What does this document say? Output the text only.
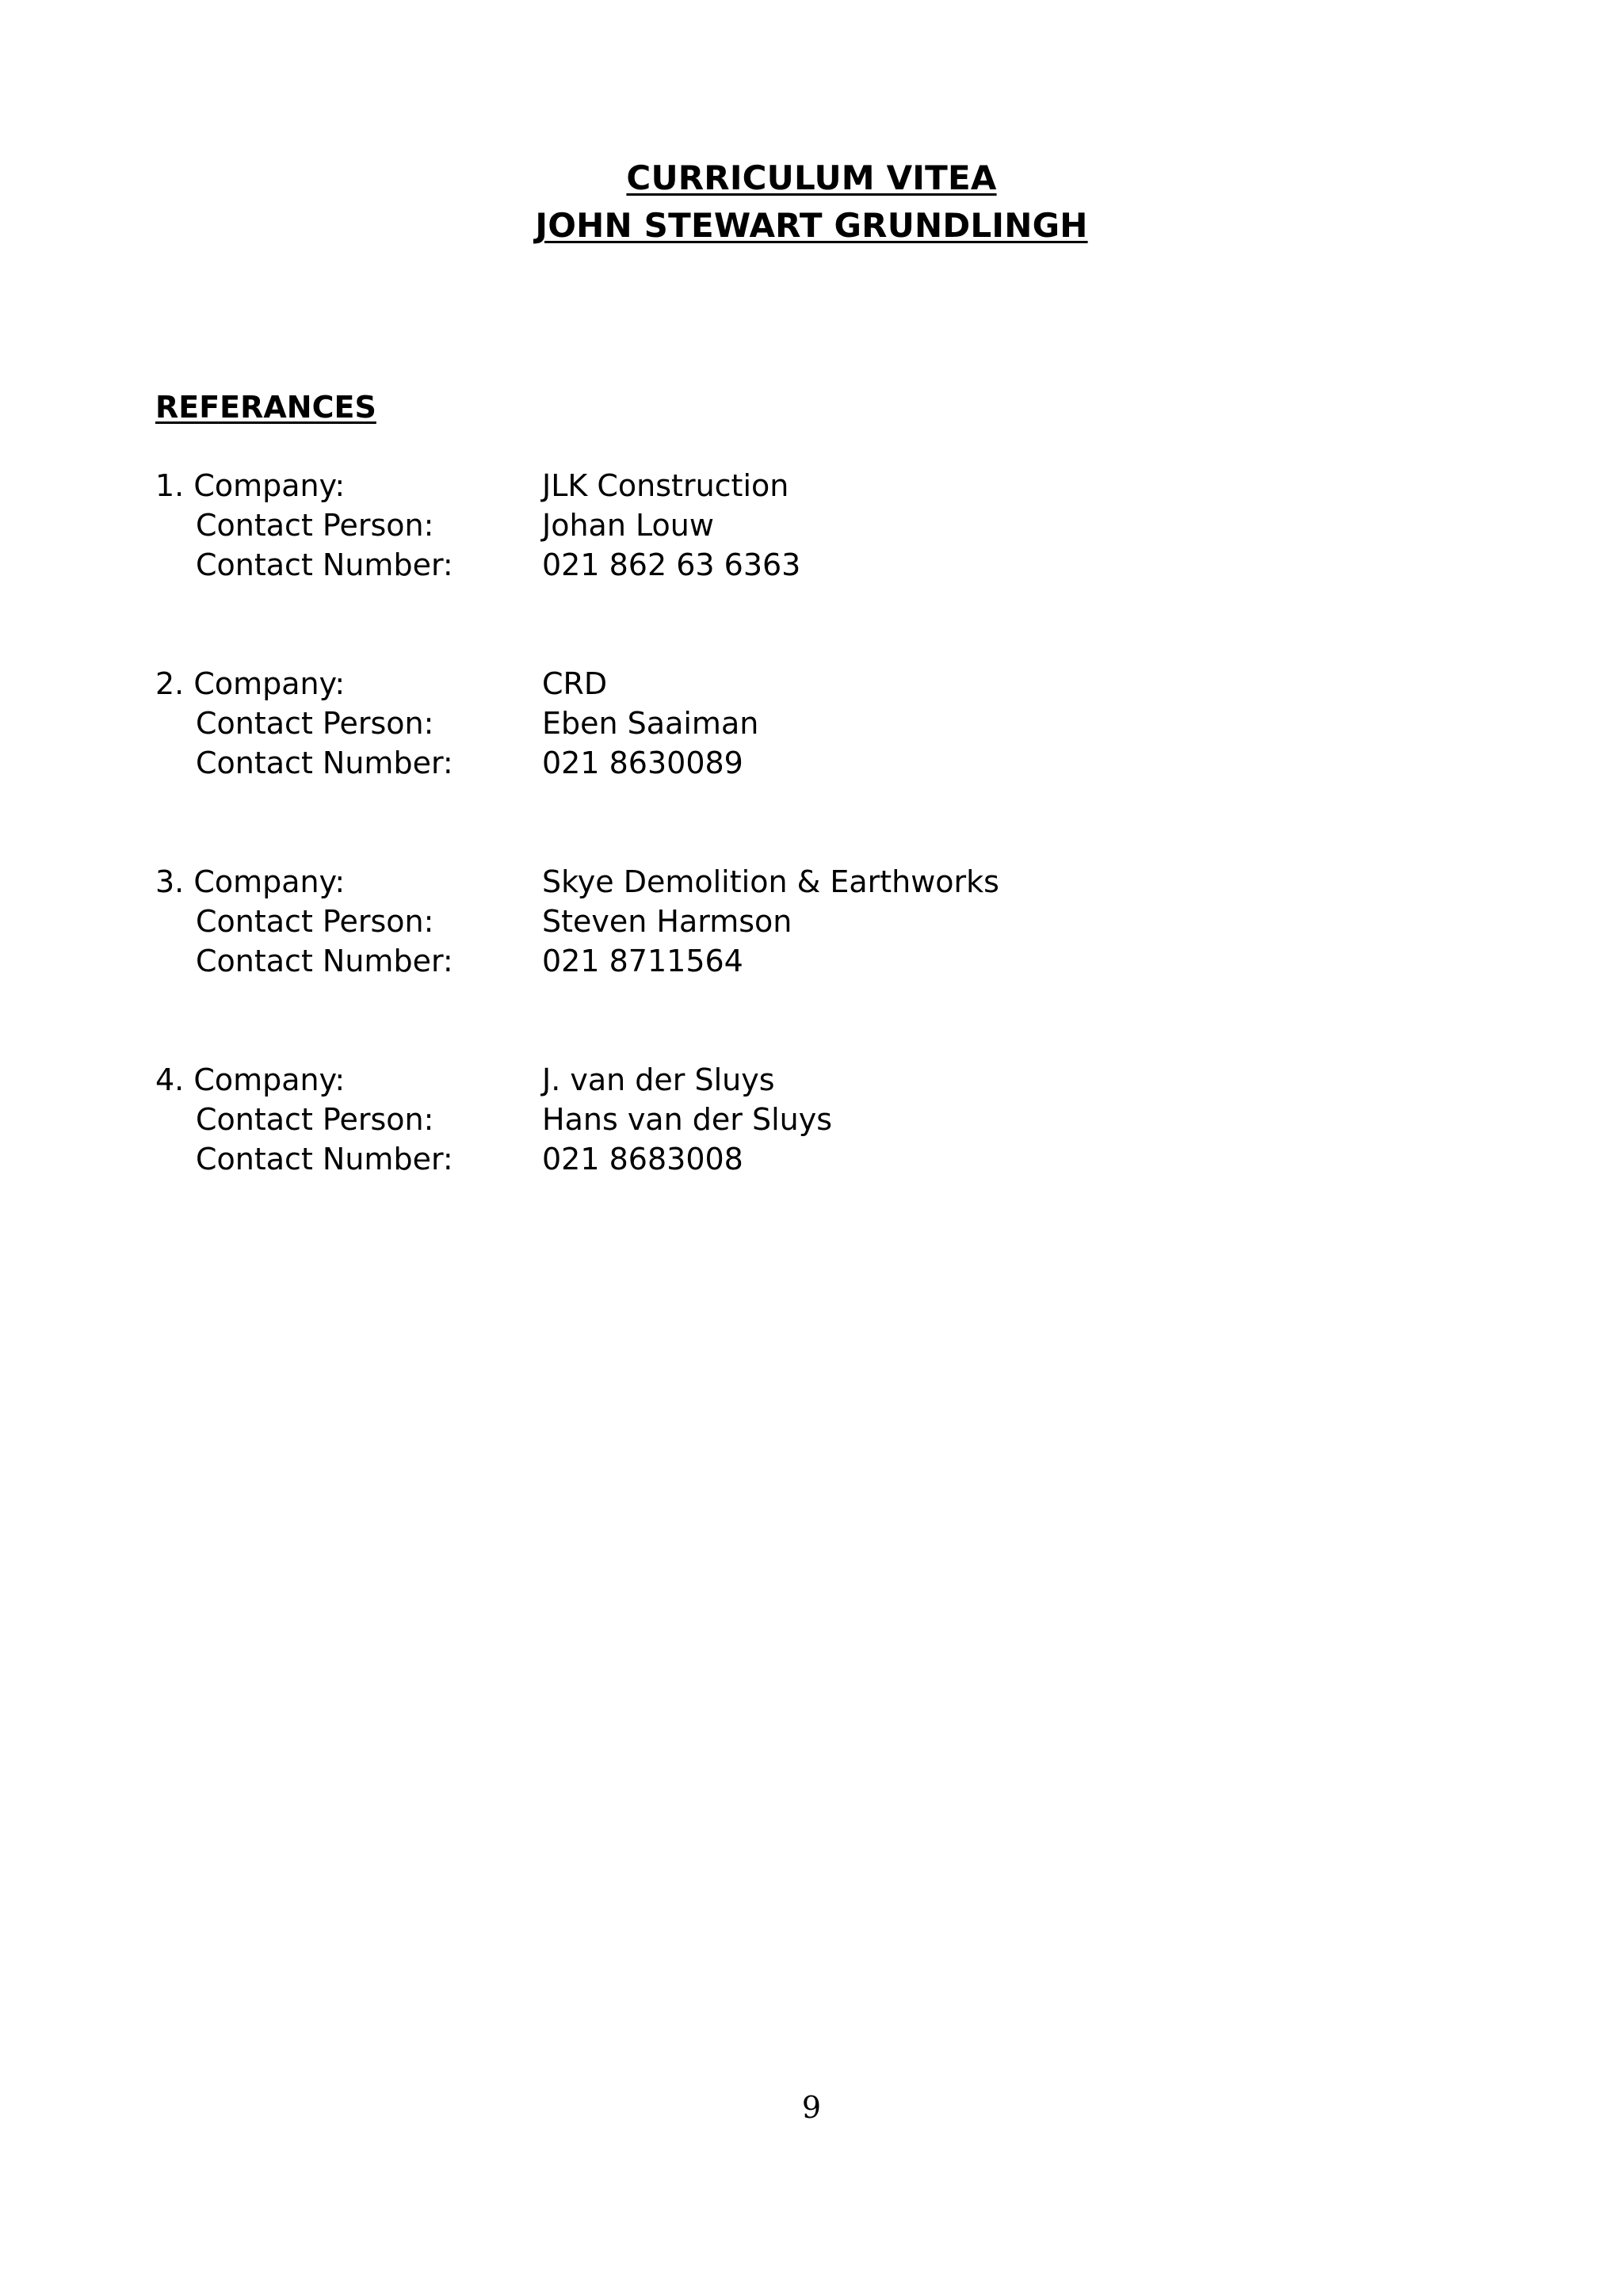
CURRICULUM VITEA
JOHN STEWART GRUNDLINGH
REFERANCES
1. Company:	JLK Construction
Contact Person:	Johan Louw
Contact Number:	021 862 63 6363
2. Company:	CRD
Contact Person:	Eben Saaiman
Contact Number:	021 8630089
3. Company:	Skye Demolition & Earthworks
Contact Person:	Steven Harmson
Contact Number:	021 8711564
4. Company:	J. van der Sluys
Contact Person:	Hans van der Sluys
Contact Number:	021 8683008
9
